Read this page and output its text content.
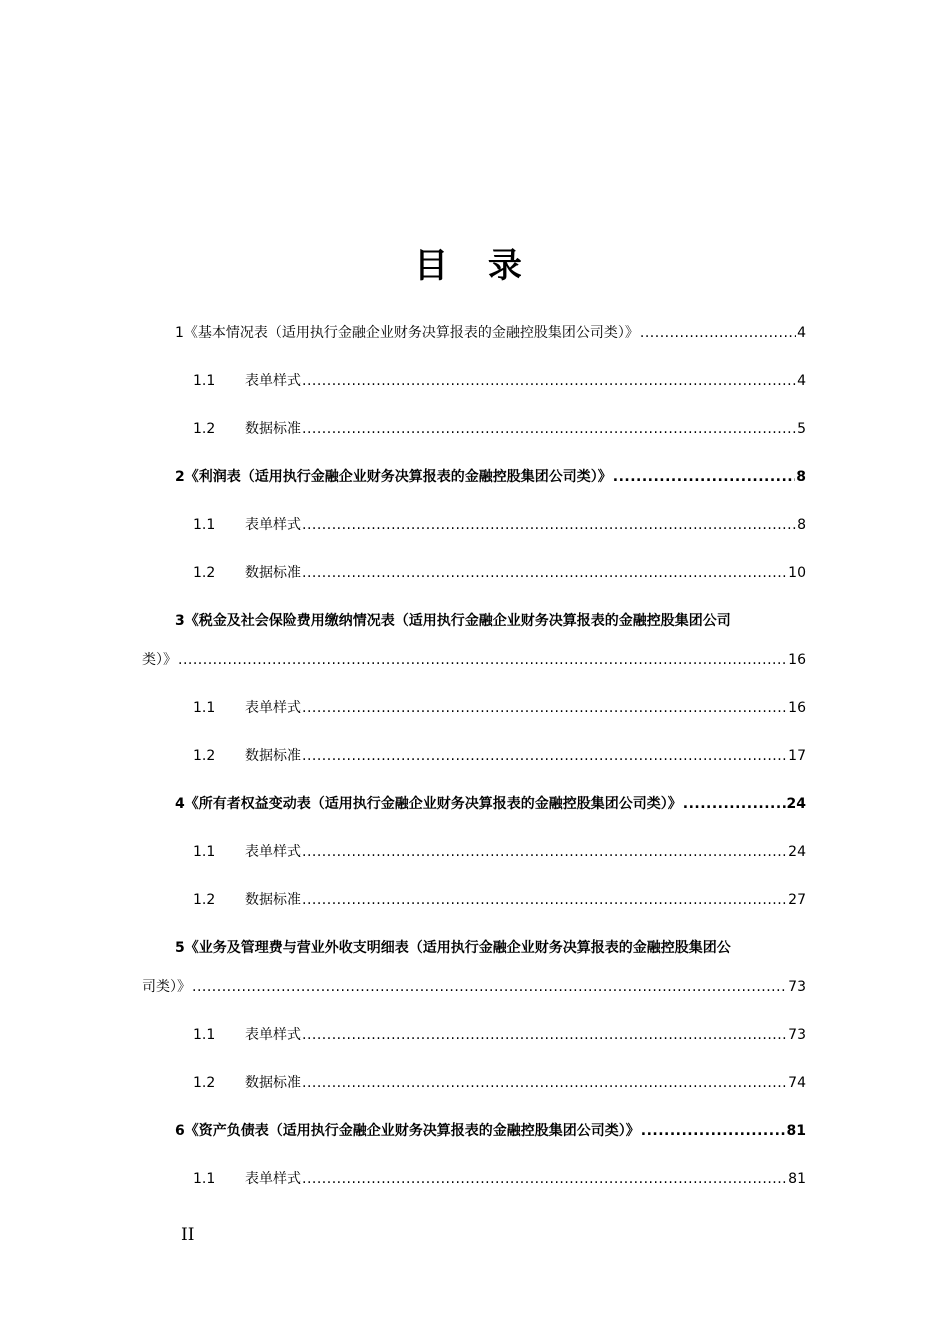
目 录
1《基本情况表（适用执行金融企业财务决算报表的金融控股集团公司类）》 .....	4
1.1	表单样式 .....	4
1.2	数据标准 .....	5
2《利润表（适用执行金融企业财务决算报表的金融控股集团公司类）》 .....	8
1.1	表单样式 .....	8
1.2	数据标准 .....	10
3《税金及社会保险费用缴纳情况表（适用执行金融企业财务决算报表的金融控股集团公司
类）》 .....	16
1.1	表单样式 .....	16
1.2	数据标准 .....	17
4《所有者权益变动表（适用执行金融企业财务决算报表的金融控股集团公司类）》 .....	24
1.1	表单样式 .....	24
1.2	数据标准 .....	27
5《业务及管理费与营业外收支明细表（适用执行金融企业财务决算报表的金融控股集团公
司类）》 .....	73
1.1	表单样式 .....	73
1.2	数据标准 .....	74
6《资产负债表（适用执行金融企业财务决算报表的金融控股集团公司类）》 .....	81
1.1	表单样式 .....	81
II
